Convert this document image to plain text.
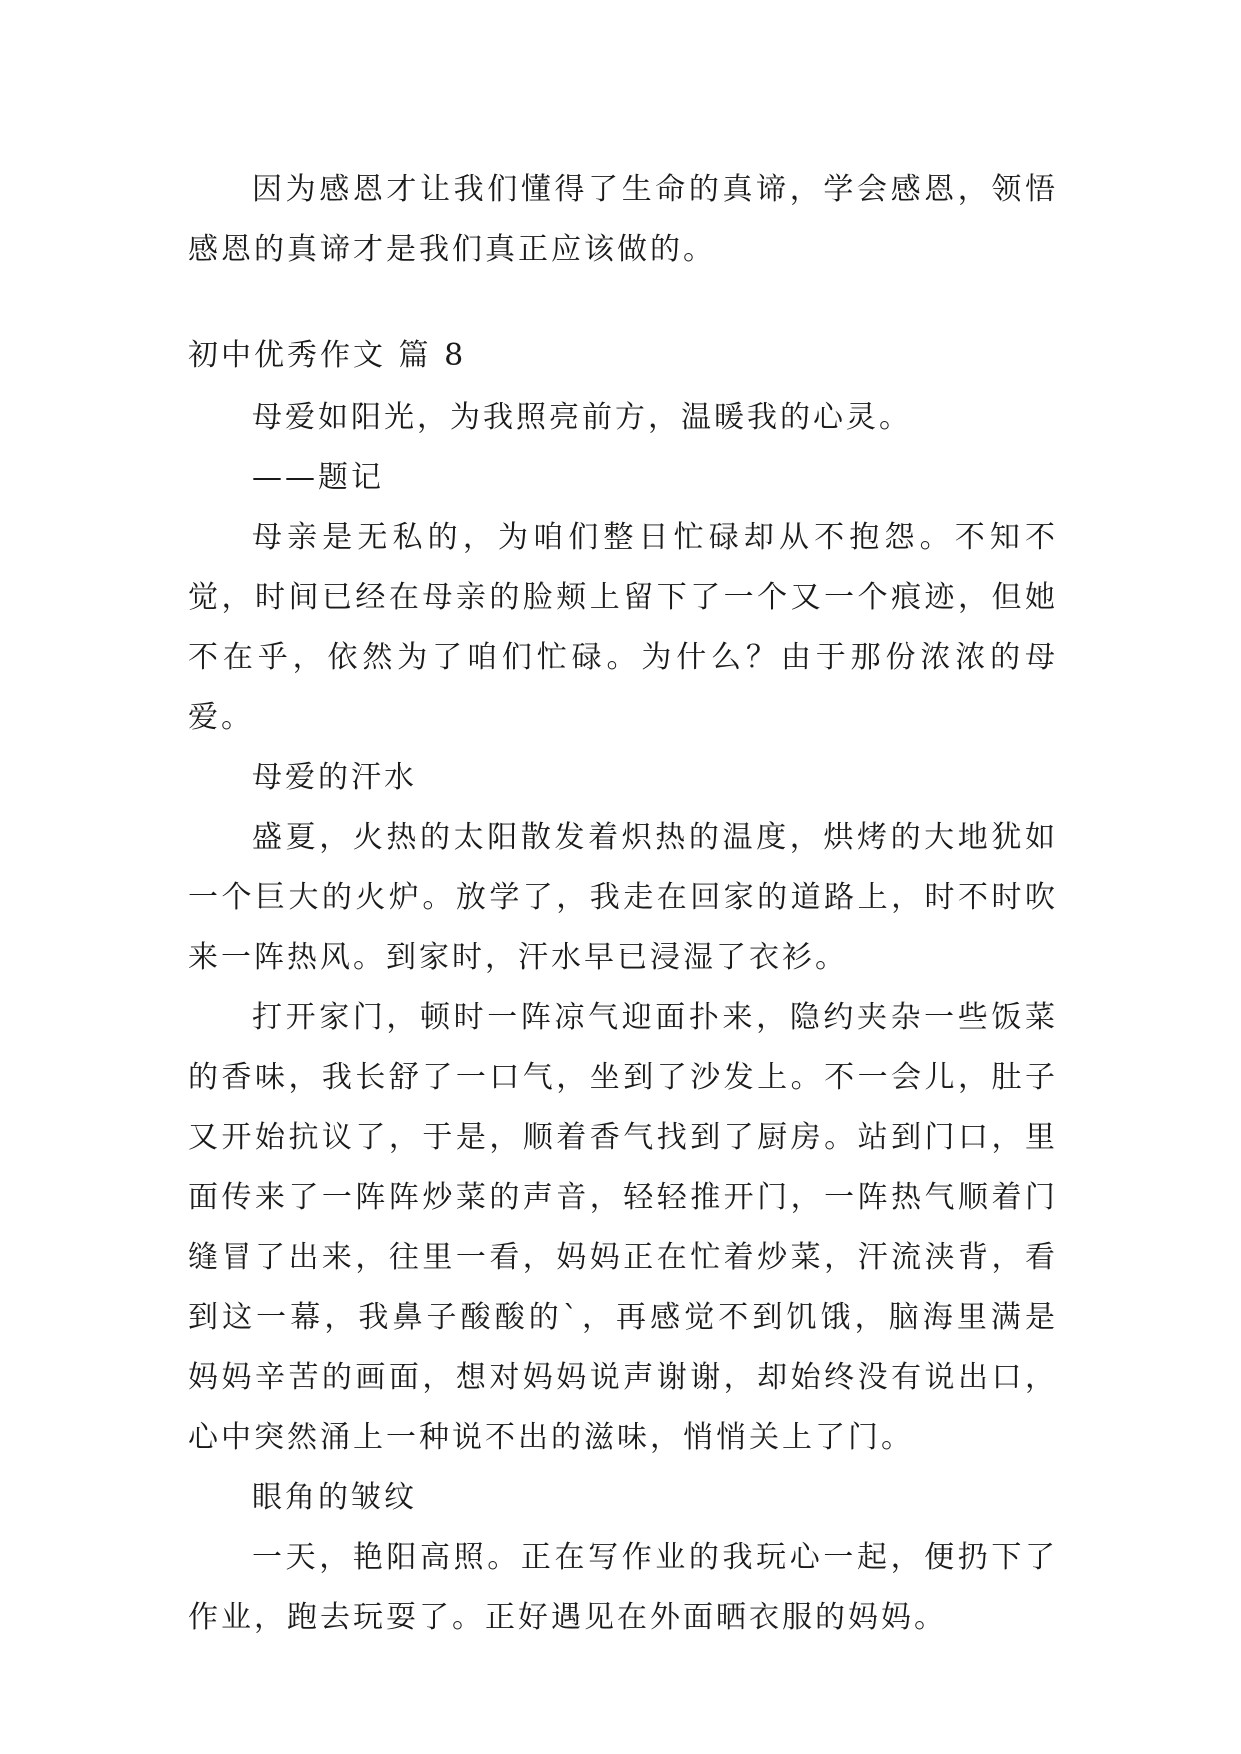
因为感恩才让我们懂得了生命的真谛，学会感恩，领悟感恩的真谛才是我们真正应该做的。

初中优秀作文 篇 8

母爱如阳光，为我照亮前方，温暖我的心灵。

——题记

母亲是无私的，为咱们整日忙碌却从不抱怨。不知不觉，时间已经在母亲的脸颊上留下了一个又一个痕迹，但她不在乎，依然为了咱们忙碌。为什么？由于那份浓浓的母爱。

母爱的汗水

盛夏，火热的太阳散发着炽热的温度，烘烤的大地犹如一个巨大的火炉。放学了，我走在回家的道路上，时不时吹来一阵热风。到家时，汗水早已浸湿了衣衫。

打开家门，顿时一阵凉气迎面扑来，隐约夹杂一些饭菜的香味，我长舒了一口气，坐到了沙发上。不一会儿，肚子又开始抗议了，于是，顺着香气找到了厨房。站到门口，里面传来了一阵阵炒菜的声音，轻轻推开门，一阵热气顺着门缝冒了出来，往里一看，妈妈正在忙着炒菜，汗流浃背，看到这一幕，我鼻子酸酸的`，再感觉不到饥饿，脑海里满是妈妈辛苦的画面，想对妈妈说声谢谢，却始终没有说出口，心中突然涌上一种说不出的滋味，悄悄关上了门。

眼角的皱纹

一天，艳阳高照。正在写作业的我玩心一起，便扔下了作业，跑去玩耍了。正好遇见在外面晒衣服的妈妈。
